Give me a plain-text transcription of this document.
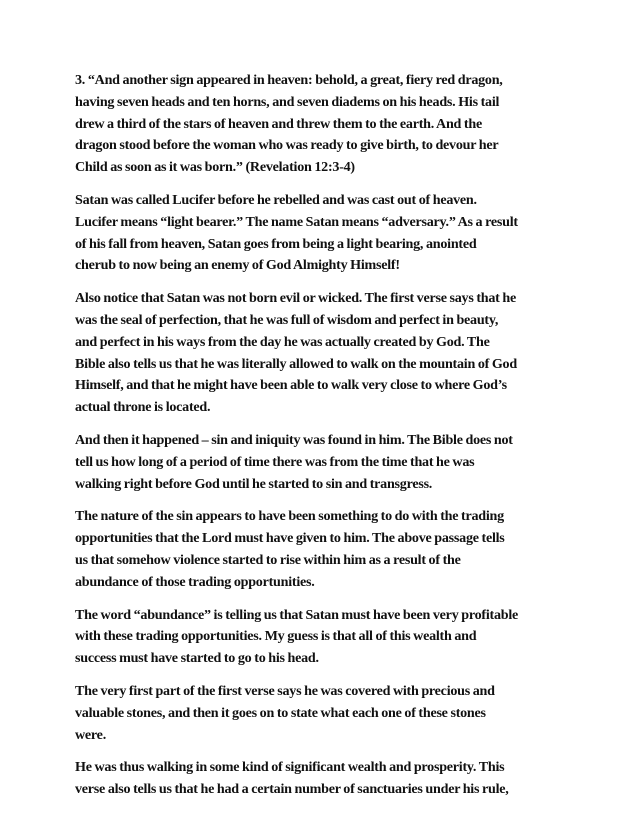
3. “And another sign appeared in heaven: behold, a great, fiery red dragon,
having seven heads and ten horns, and seven diadems on his heads. His tail
drew a third of the stars of heaven and threw them to the earth. And the
dragon stood before the woman who was ready to give birth, to devour her
Child as soon as it was born.” (Revelation 12:3-4)

Satan was called Lucifer before he rebelled and was cast out of heaven.
Lucifer means “light bearer.” The name Satan means “adversary.” As a result
of his fall from heaven, Satan goes from being a light bearing, anointed
cherub to now being an enemy of God Almighty Himself!

Also notice that Satan was not born evil or wicked. The first verse says that he
was the seal of perfection, that he was full of wisdom and perfect in beauty,
and perfect in his ways from the day he was actually created by God. The
Bible also tells us that he was literally allowed to walk on the mountain of God
Himself, and that he might have been able to walk very close to where God’s
actual throne is located.

And then it happened – sin and iniquity was found in him. The Bible does not
tell us how long of a period of time there was from the time that he was
walking right before God until he started to sin and transgress.

The nature of the sin appears to have been something to do with the trading
opportunities that the Lord must have given to him. The above passage tells
us that somehow violence started to rise within him as a result of the
abundance of those trading opportunities.

The word “abundance” is telling us that Satan must have been very profitable
with these trading opportunities. My guess is that all of this wealth and
success must have started to go to his head.

The very first part of the first verse says he was covered with precious and
valuable stones, and then it goes on to state what each one of these stones
were.

He was thus walking in some kind of significant wealth and prosperity. This
verse also tells us that he had a certain number of sanctuaries under his rule,
